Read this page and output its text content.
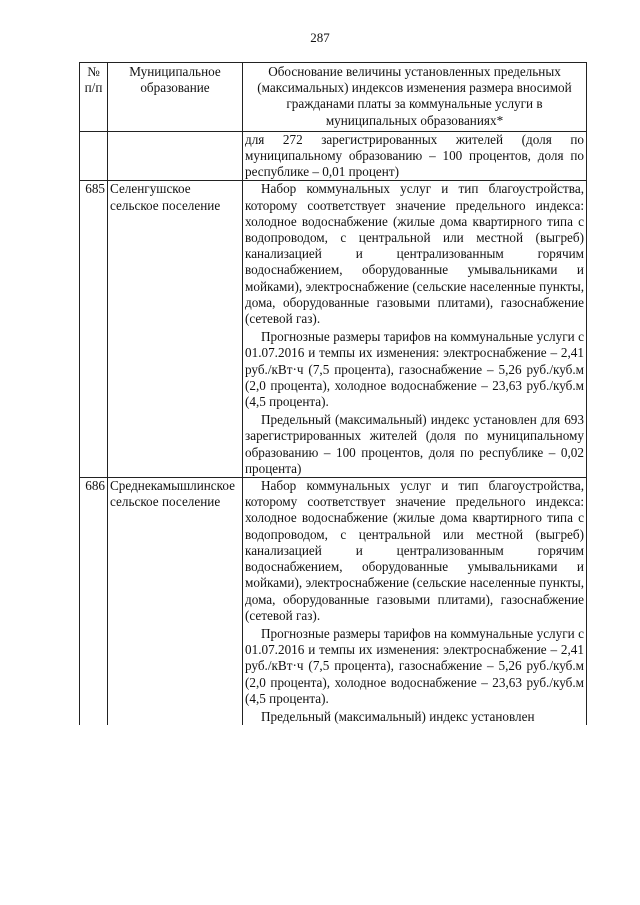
287
№ п/п	Муниципальное образование	Обоснование величины установленных предельных (максимальных) индексов изменения размера вносимой гражданами платы за коммунальные услуги в муниципальных образованиях*

		для 272 зарегистрированных жителей (доля по муниципальному образованию – 100 процентов, доля по республике – 0,01 процент)

685	Селенгушское сельское поселение	Набор коммунальных услуг и тип благоустройства, которому соответствует значение предельного индекса: холодное водоснабжение (жилые дома квартирного типа с водопроводом, с центральной или местной (выгреб) канализацией и централизованным горячим водоснабжением, оборудованные умывальниками и мойками), электроснабжение (сельские населенные пункты, дома, оборудованные газовыми плитами), газоснабжение (сетевой газ).

Прогнозные размеры тарифов на коммунальные услуги с 01.07.2016 и темпы их изменения: электроснабжение – 2,41 руб./кВт·ч (7,5 процента), газоснабжение – 5,26 руб./куб.м (2,0 процента), холодное водоснабжение – 23,63 руб./куб.м (4,5 процента).

Предельный (максимальный) индекс установлен для 693 зарегистрированных жителей (доля по муниципальному образованию – 100 процентов, доля по республике – 0,02 процента)

686	Среднекамышлинское сельское поселение	Набор коммунальных услуг и тип благоустройства, которому соответствует значение предельного индекса: холодное водоснабжение (жилые дома квартирного типа с водопроводом, с центральной или местной (выгреб) канализацией и централизованным горячим водоснабжением, оборудованные умывальниками и мойками), электроснабжение (сельские населенные пункты, дома, оборудованные газовыми плитами), газоснабжение (сетевой газ).

Прогнозные размеры тарифов на коммунальные услуги с 01.07.2016 и темпы их изменения: электроснабжение – 2,41 руб./кВт·ч (7,5 процента), газоснабжение – 5,26 руб./куб.м (2,0 процента), холодное водоснабжение – 23,63 руб./куб.м (4,5 процента).

Предельный (максимальный) индекс установлен
